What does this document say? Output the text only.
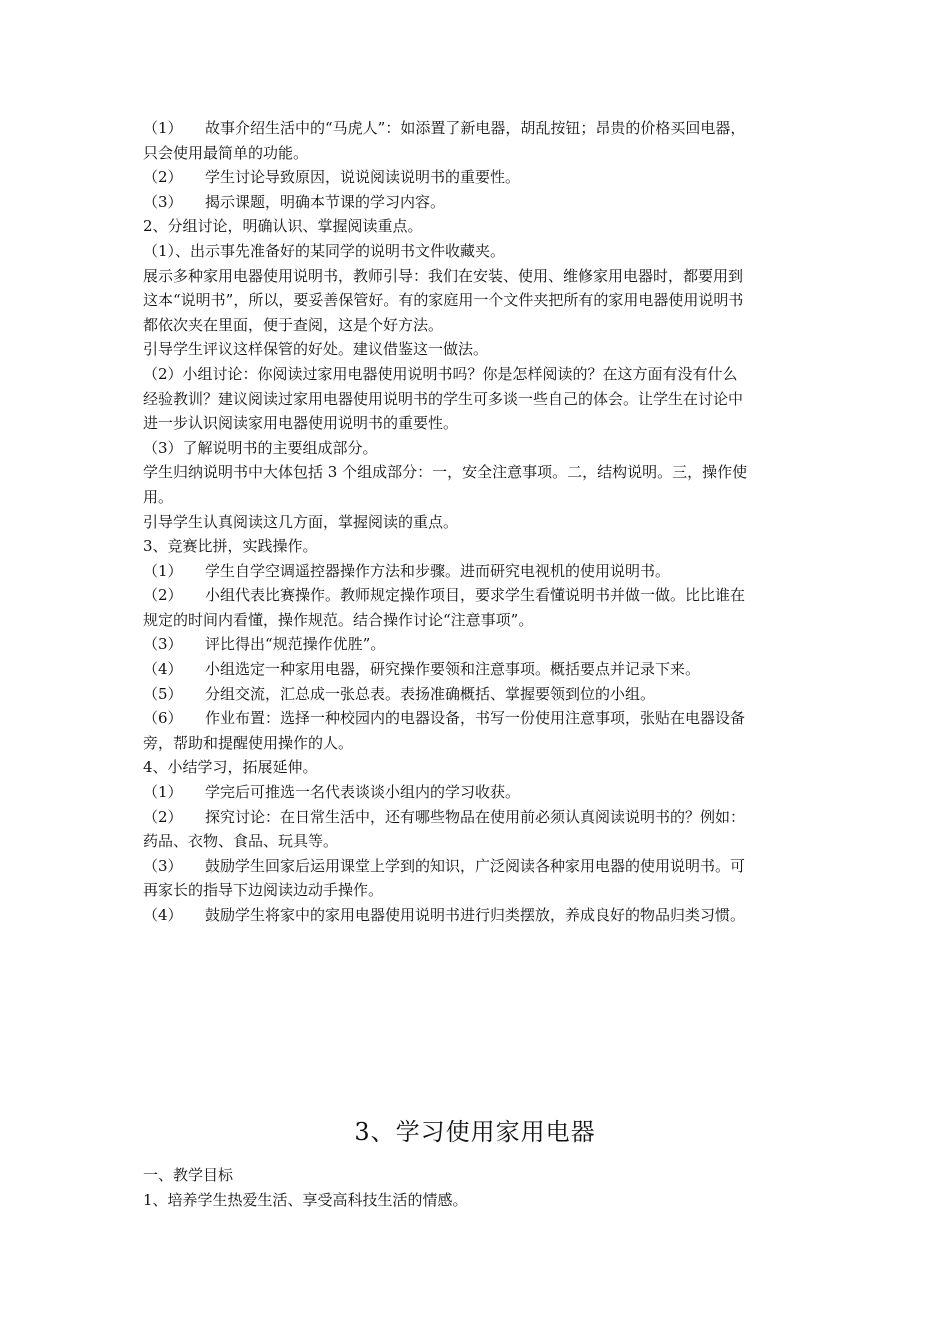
（1） 故事介绍生活中的“马虎人”：如添置了新电器，胡乱按钮；昂贵的价格买回电器，
只会使用最简单的功能。
（2） 学生讨论导致原因，说说阅读说明书的重要性。
（3） 揭示课题，明确本节课的学习内容。
2、分组讨论，明确认识、掌握阅读重点。
（1）、出示事先准备好的某同学的说明书文件收藏夹。
展示多种家用电器使用说明书，教师引导：我们在安装、使用、维修家用电器时，都要用到
这本“说明书”，所以，要妥善保管好。有的家庭用一个文件夹把所有的家用电器使用说明书
都依次夹在里面，便于查阅，这是个好方法。
引导学生评议这样保管的好处。建议借鉴这一做法。
（2）小组讨论：你阅读过家用电器使用说明书吗？你是怎样阅读的？在这方面有没有什么
经验教训？建议阅读过家用电器使用说明书的学生可多谈一些自己的体会。让学生在讨论中
进一步认识阅读家用电器使用说明书的重要性。
（3）了解说明书的主要组成部分。
学生归纳说明书中大体包括 3 个组成部分：一，安全注意事项。二，结构说明。三，操作使
用。
引导学生认真阅读这几方面，掌握阅读的重点。
3、竞赛比拼，实践操作。
（1） 学生自学空调遥控器操作方法和步骤。进而研究电视机的使用说明书。
（2） 小组代表比赛操作。教师规定操作项目，要求学生看懂说明书并做一做。比比谁在
规定的时间内看懂，操作规范。结合操作讨论“注意事项”。
（3） 评比得出“规范操作优胜”。
（4） 小组选定一种家用电器，研究操作要领和注意事项。概括要点并记录下来。
（5） 分组交流，汇总成一张总表。表扬准确概括、掌握要领到位的小组。
（6） 作业布置：选择一种校园内的电器设备，书写一份使用注意事项，张贴在电器设备
旁，帮助和提醒使用操作的人。
4、小结学习，拓展延伸。
（1） 学完后可推选一名代表谈谈小组内的学习收获。
（2） 探究讨论：在日常生活中，还有哪些物品在使用前必须认真阅读说明书的？例如：
药品、衣物、食品、玩具等。
（3） 鼓励学生回家后运用课堂上学到的知识，广泛阅读各种家用电器的使用说明书。可
再家长的指导下边阅读边动手操作。
（4） 鼓励学生将家中的家用电器使用说明书进行归类摆放，养成良好的物品归类习惯。
3、学习使用家用电器
一、教学目标
1、培养学生热爱生活、享受高科技生活的情感。
